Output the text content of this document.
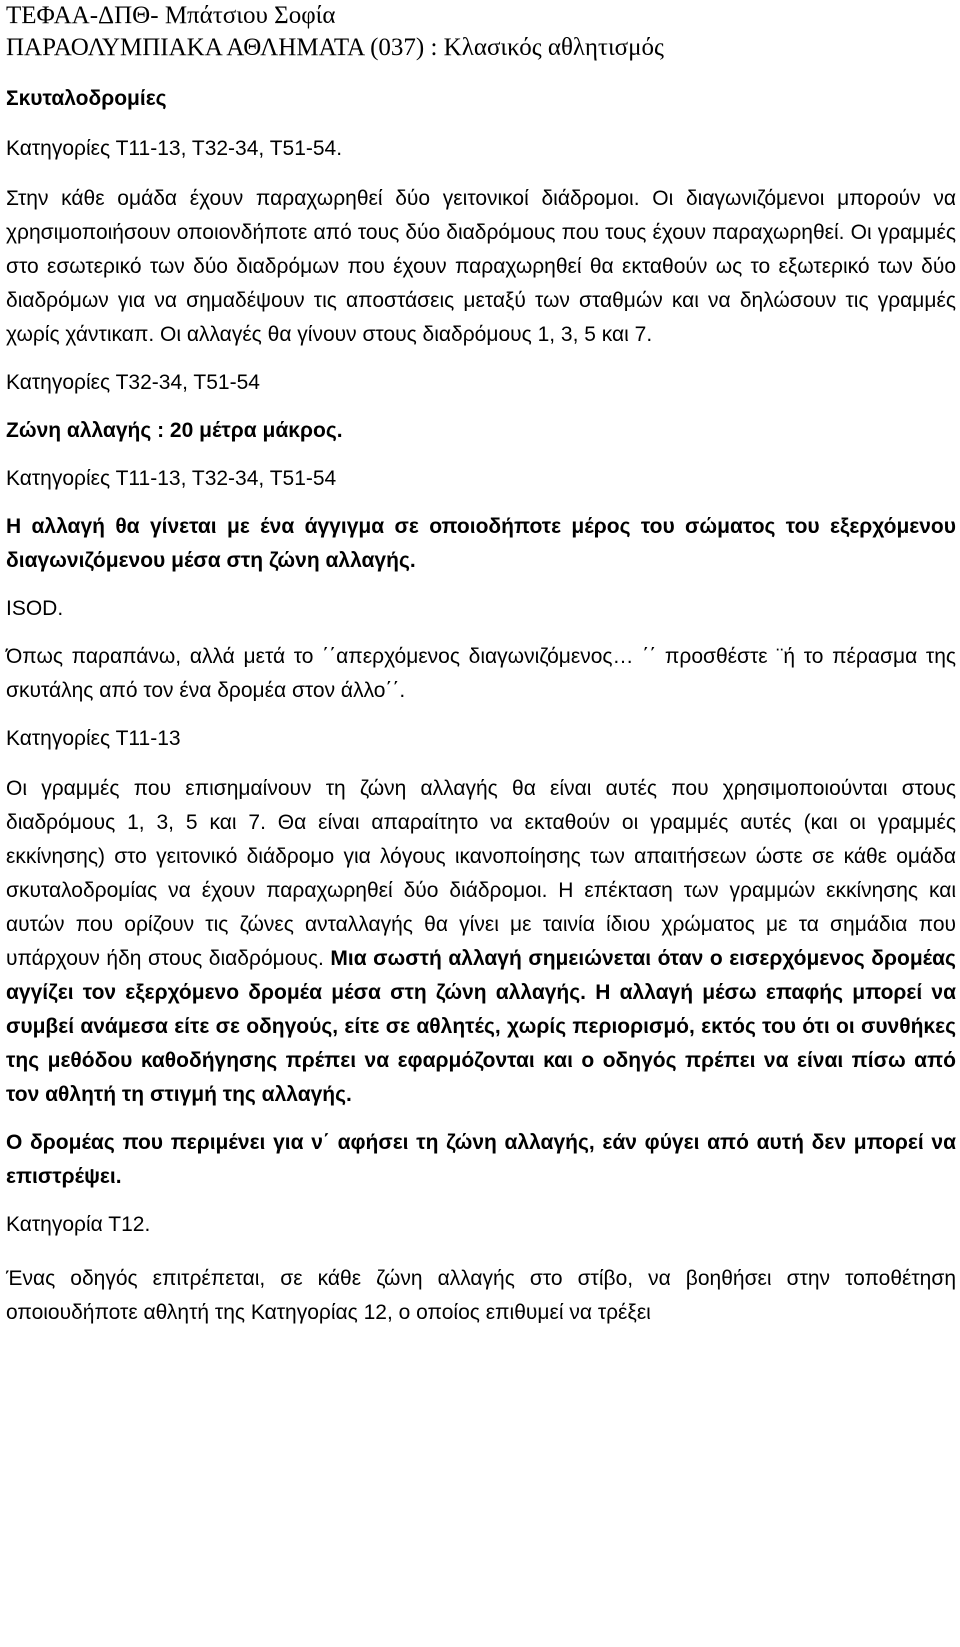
ΤΕΦΑΑ-ΔΠΘ- Μπάτσιου Σοφία
ΠΑΡΑΟΛΥΜΠΙΑΚΑ ΑΘΛΗΜΑΤΑ (037) : Κλασικός αθλητισμός

Σκυταλοδρομίες

Κατηγορίες Τ11-13, Τ32-34, Τ51-54.

Στην κάθε ομάδα έχουν παραχωρηθεί δύο γειτονικοί διάδρομοι. Οι διαγωνιζόμενοι μπορούν να χρησιμοποιήσουν οποιονδήποτε από τους δύο διαδρόμους που τους έχουν παραχωρηθεί. Οι γραμμές στο εσωτερικό των δύο διαδρόμων που έχουν παραχωρηθεί θα εκταθούν ως το εξωτερικό των δύο διαδρόμων για να σημαδέψουν τις αποστάσεις μεταξύ των σταθμών και να δηλώσουν τις γραμμές χωρίς χάντικαπ. Οι αλλαγές θα γίνουν στους διαδρόμους 1, 3, 5 και 7.

Κατηγορίες Τ32-34, Τ51-54

Ζώνη αλλαγής : 20 μέτρα μάκρος.

Κατηγορίες Τ11-13, Τ32-34, Τ51-54

Η αλλαγή θα γίνεται με ένα άγγιγμα σε οποιοδήποτε μέρος του σώματος του εξερχόμενου διαγωνιζόμενου μέσα στη ζώνη αλλαγής.

ISOD.

Όπως παραπάνω, αλλά μετά το ΄΄απερχόμενος διαγωνιζόμενος… ΄΄ προσθέστε ¨ή το πέρασμα της σκυτάλης από τον ένα δρομέα στον άλλο΄΄.

Κατηγορίες Τ11-13

Οι γραμμές που επισημαίνουν τη ζώνη αλλαγής θα είναι αυτές που χρησιμοποιούνται στους διαδρόμους 1, 3, 5 και 7. Θα είναι απαραίτητο να εκταθούν οι γραμμές αυτές (και οι γραμμές εκκίνησης) στο γειτονικό διάδρομο για λόγους ικανοποίησης των απαιτήσεων ώστε σε κάθε ομάδα σκυταλοδρομίας να έχουν παραχωρηθεί δύο διάδρομοι. Η επέκταση των γραμμών εκκίνησης και αυτών που ορίζουν τις ζώνες ανταλλαγής θα γίνει με ταινία ίδιου χρώματος με τα σημάδια που υπάρχουν ήδη στους διαδρόμους. Μια σωστή αλλαγή σημειώνεται όταν ο εισερχόμενος δρομέας αγγίζει τον εξερχόμενο δρομέα μέσα στη ζώνη αλλαγής. Η αλλαγή μέσω επαφής μπορεί να συμβεί ανάμεσα είτε σε οδηγούς, είτε σε αθλητές, χωρίς περιορισμό, εκτός του ότι οι συνθήκες της μεθόδου καθοδήγησης πρέπει να εφαρμόζονται και ο οδηγός πρέπει να είναι πίσω από τον αθλητή τη στιγμή της αλλαγής.

Ο δρομέας που περιμένει για ν΄ αφήσει τη ζώνη αλλαγής, εάν φύγει από αυτή δεν μπορεί να επιστρέψει.

Κατηγορία Τ12.

Ένας οδηγός επιτρέπεται, σε κάθε ζώνη αλλαγής στο στίβο, να βοηθήσει στην τοποθέτηση οποιουδήποτε αθλητή της Κατηγορίας 12, ο οποίος επιθυμεί να τρέξει
